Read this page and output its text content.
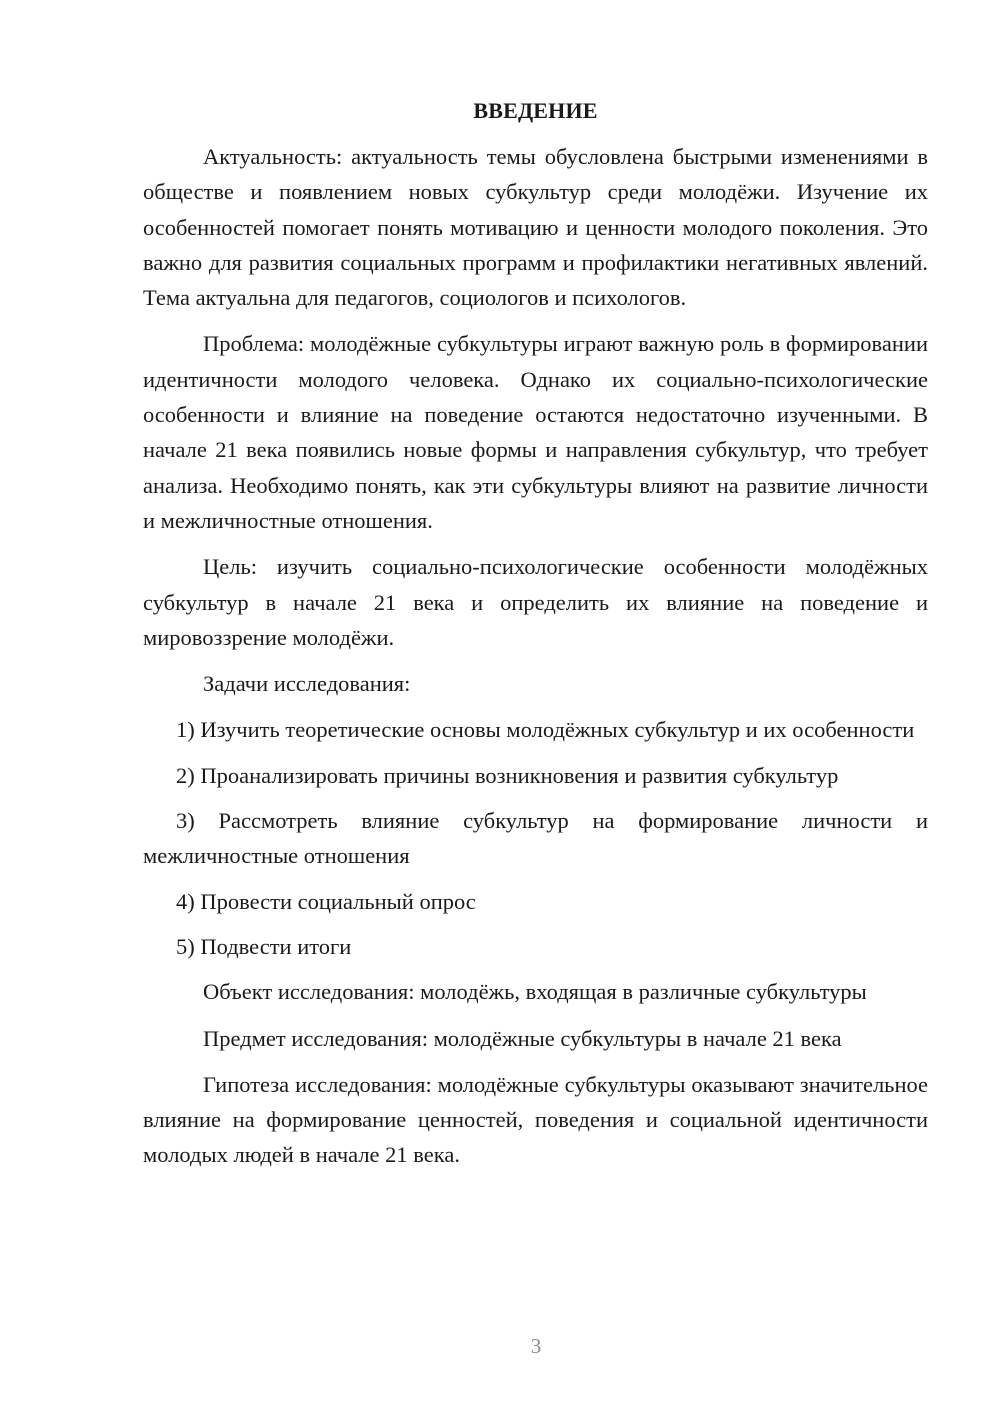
ВВЕДЕНИЕ

Актуальность: актуальность темы обусловлена быстрыми изменениями в обществе и появлением новых субкультур среди молодёжи. Изучение их особенностей помогает понять мотивацию и ценности молодого поколения. Это важно для развития социальных программ и профилактики негативных явлений. Тема актуальна для педагогов, социологов и психологов.

Проблема: молодёжные субкультуры играют важную роль в формировании идентичности молодого человека. Однако их социально-психологические особенности и влияние на поведение остаются недостаточно изученными. В начале 21 века появились новые формы и направления субкультур, что требует анализа. Необходимо понять, как эти субкультуры влияют на развитие личности и межличностные отношения.

Цель: изучить социально-психологические особенности молодёжных субкультур в начале 21 века и определить их влияние на поведение и мировоззрение молодёжи.

Задачи исследования:

1) Изучить теоретические основы молодёжных субкультур и их особенности

2) Проанализировать причины возникновения и развития субкультур

3) Рассмотреть влияние субкультур на формирование личности и межличностные отношения

4) Провести социальный опрос

5) Подвести итоги

Объект исследования: молодёжь, входящая в различные субкультуры

Предмет исследования: молодёжные субкультуры в начале 21 века

Гипотеза исследования: молодёжные субкультуры оказывают значительное влияние на формирование ценностей, поведения и социальной идентичности молодых людей в начале 21 века.

3
